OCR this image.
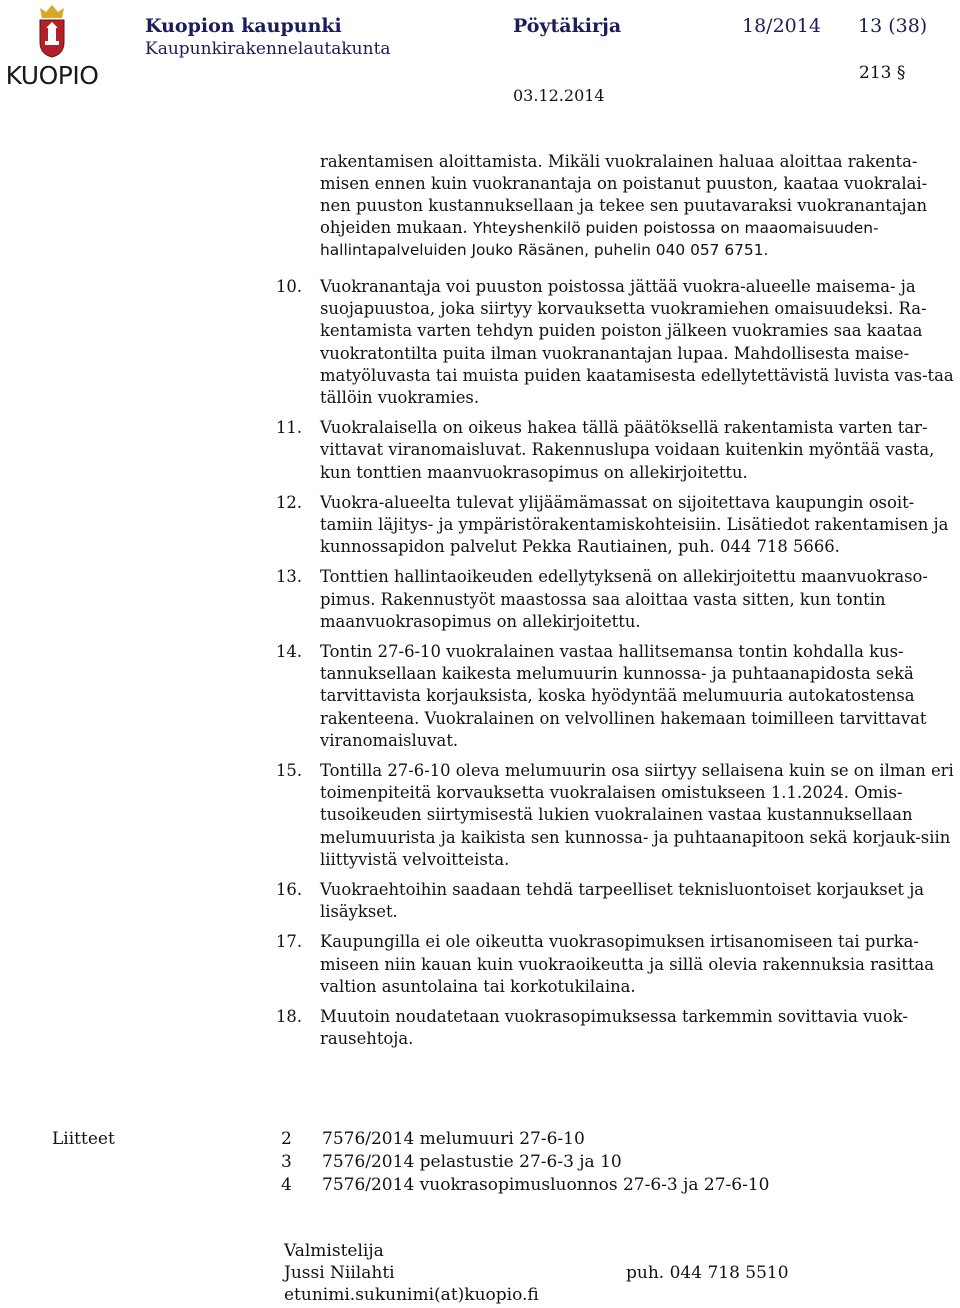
KUOPIO
Kuopion kaupunki
Kaupunkirakennelautakunta
Pöytäkirja	18/2014 13 (38)
213 §
03.12.2014

rakentamisen aloittamista. Mikäli vuokralainen haluaa aloittaa rakenta-misen ennen kuin vuokranantaja on poistanut puuston, kaataa vuokralai-nen puuston kustannuksellaan ja tekee sen puutavaraksi vuokranantajan ohjeiden mukaan. Yhteyshenkilö puiden poistossa on maaomaisuuden-hallintapalveluiden Jouko Räsänen, puhelin 040 057 6751.

10.	Vuokranantaja voi puuston poistossa jättää vuokra-alueelle maisema- ja suojapuustoa, joka siirtyy korvauksetta vuokramiehen omaisuudeksi. Ra-kentamista varten tehdyn puiden poiston jälkeen vuokramies saa kaataa vuokratontilta puita ilman vuokranantajan lupaa. Mahdollisesta maise-matyöluvasta tai muista puiden kaatamisesta edellytettävistä luvista vas-taa tällöin vuokramies.
11.	Vuokralaisella on oikeus hakea tällä päätöksellä rakentamista varten tar-vittavat viranomaisluvat. Rakennuslupa voidaan kuitenkin myöntää vasta, kun tonttien maanvuokrasopimus on allekirjoitettu.
12.	Vuokra-alueelta tulevat ylijäämämassat on sijoitettava kaupungin osoit-tamiin läjitys- ja ympäristörakentamiskohteisiin. Lisätiedot rakentamisen ja kunnossapidon palvelut Pekka Rautiainen, puh. 044 718 5666.
13.	Tonttien hallintaoikeuden edellytyksenä on allekirjoitettu maanvuokraso-pimus. Rakennustyöt maastossa saa aloittaa vasta sitten, kun tontin maanvuokrasopimus on allekirjoitettu.
14.	Tontin 27-6-10 vuokralainen vastaa hallitsemansa tontin kohdalla kus-tannuksellaan kaikesta melumuurin kunnossa- ja puhtaanapidosta sekä tarvittavista korjauksista, koska hyödyntää melumuuria autokatostensa rakenteena. Vuokralainen on velvollinen hakemaan toimilleen tarvittavat viranomaisluvat.
15.	Tontilla 27-6-10 oleva melumuurin osa siirtyy sellaisena kuin se on ilman eri toimenpiteitä korvauksetta vuokralaisen omistukseen 1.1.2024. Omis-tusoikeuden siirtymisestä lukien vuokralainen vastaa kustannuksellaan melumuurista ja kaikista sen kunnossa- ja puhtaanapitoon sekä korjauk-siin liittyvistä velvoitteista.
16.	Vuokraehtoihin saadaan tehdä tarpeelliset teknisluontoiset korjaukset ja lisäykset.
17.	Kaupungilla ei ole oikeutta vuokrasopimuksen irtisanomiseen tai purka-miseen niin kauan kuin vuokraoikeutta ja sillä olevia rakennuksia rasittaa valtion asuntolaina tai korkotukilaina.
18.	Muutoin noudatetaan vuokrasopimuksessa tarkemmin sovittavia vuok-rausehtoja.
Liitteet	2 7576/2014 melumuuri 27-6-10
3 7576/2014 pelastustie 27-6-3 ja 10
4 7576/2014 vuokrasopimusluonnos 27-6-3 ja 27-6-10
Valmistelija
Jussi Niilahti	puh. 044 718 5510
etunimi.sukunimi(at)kuopio.fi
